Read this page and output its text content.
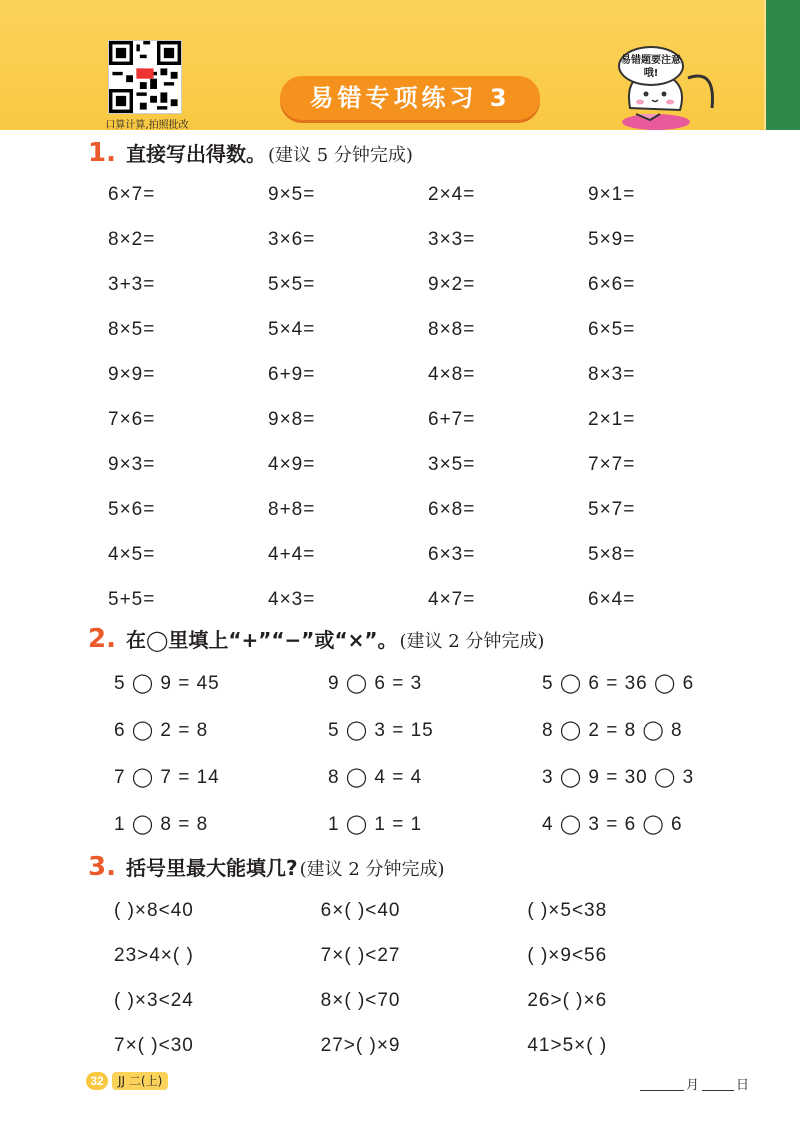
口算计算,拍照批改
易错专项练习 3
易错题要注意哦!
1. 直接写出得数。 (建议 5 分钟完成)
6×7=	9×5=	2×4=	9×1=
8×2=	3×6=	3×3=	5×9=
3+3=	5×5=	9×2=	6×6=
8×5=	5×4=	8×8=	6×5=
9×9=	6+9=	4×8=	8×3=
7×6=	9×8=	6+7=	2×1=
9×3=	4×9=	3×5=	7×7=
5×6=	8+8=	6×8=	5×7=
4×5=	4+4=	6×3=	5×8=
5+5=	4×3=	4×7=	6×4=
2. 在◯里填上“+”“−”或“×”。 (建议 2 分钟完成)
5 ◯ 9 = 45	9 ◯ 6 = 3	5 ◯ 6 = 36 ◯ 6
6 ◯ 2 = 8	5 ◯ 3 = 15	8 ◯ 2 = 8 ◯ 8
7 ◯ 7 = 14	8 ◯ 4 = 4	3 ◯ 9 = 30 ◯ 3
1 ◯ 8 = 8	1 ◯ 1 = 1	4 ◯ 3 = 6 ◯ 6
3. 括号里最大能填几? (建议 2 分钟完成)
( )×8<40	6×( )<40	( )×5<38
23>4×( )	7×( )<27	( )×9<56
( )×3<24	8×( )<70	26>( )×6
7×( )<30	27>( )×9	41>5×( )
32	JJ 二(上)	月	日
